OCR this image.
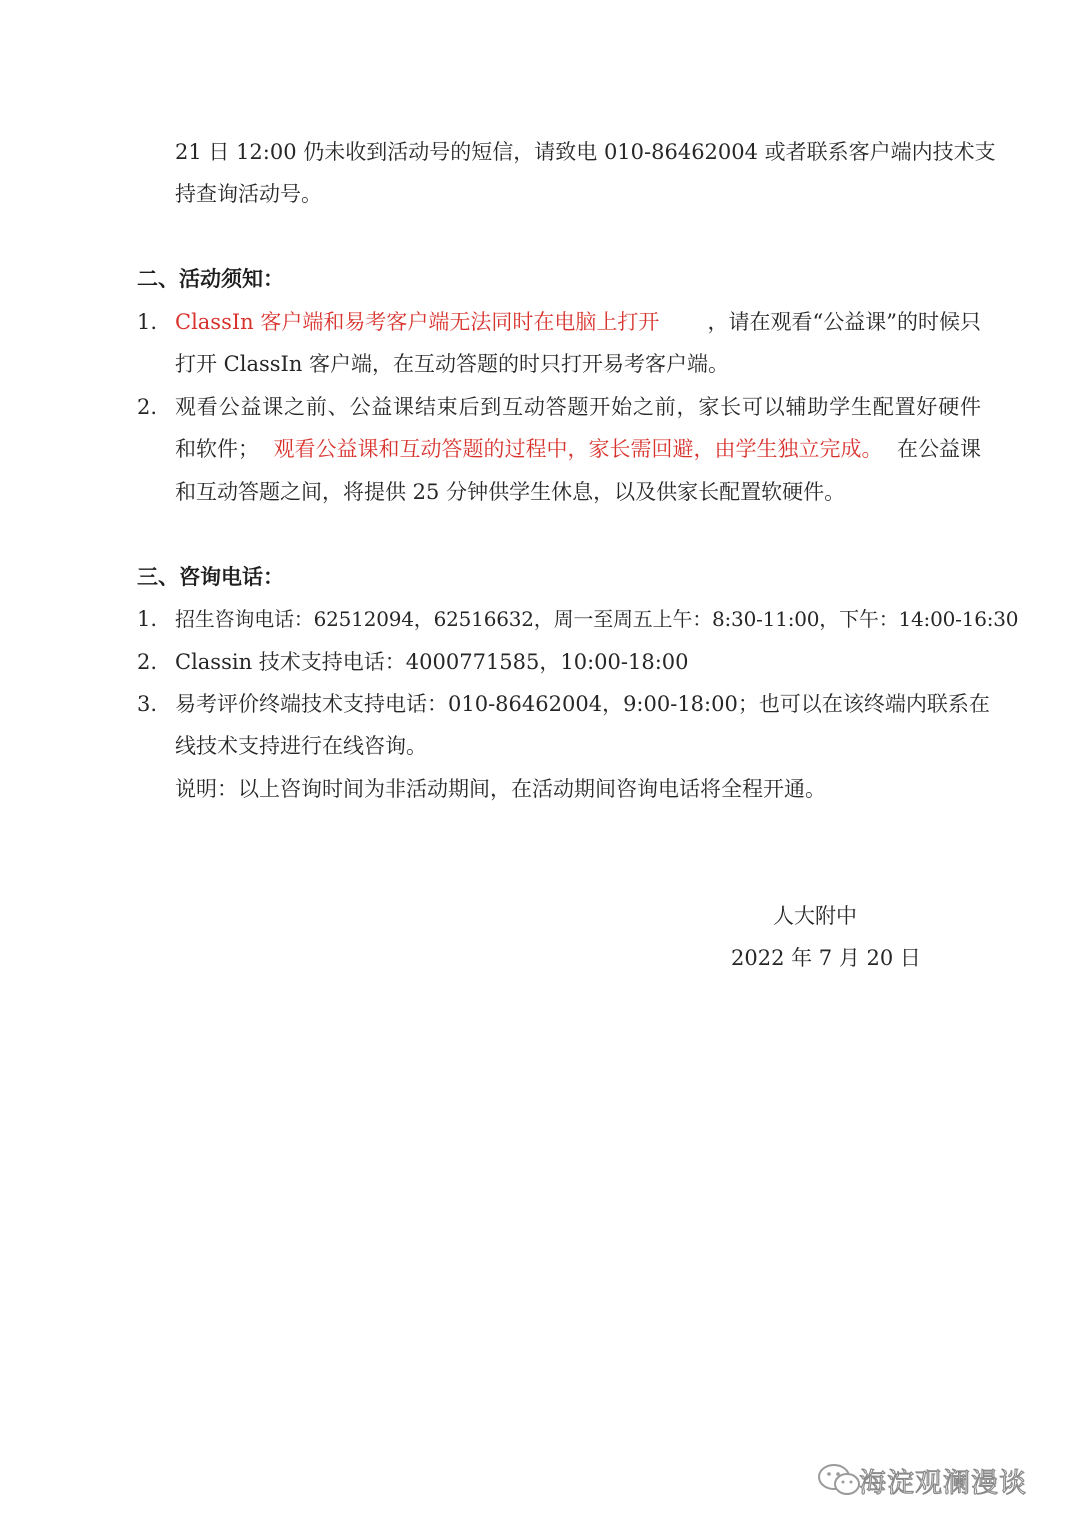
21 日 12:00 仍未收到活动号的短信，请致电 010-86462004 或者联系客户端内技术支
持查询活动号。
二、活动须知：
1. ClassIn 客户端和易考客户端无法同时在电脑上打开 ，请在观看“公益课”的时候只
打开 ClassIn 客户端，在互动答题的时只打开易考客户端。
2. 观看公益课之前、公益课结束后到互动答题开始之前，家长可以辅助学生配置好硬件
和软件； 观看公益课和互动答题的过程中，家长需回避，由学生独立完成。 在公益课
和互动答题之间，将提供 25 分钟供学生休息，以及供家长配置软硬件。
三、咨询电话：
1. 招生咨询电话：62512094，62516632，周一至周五上午：8:30-11:00，下午：14:00-16:30
2. Classin 技术支持电话：4000771585，10:00-18:00
3. 易考评价终端技术支持电话：010-86462004，9:00-18:00；也可以在该终端内联系在
线技术支持进行在线咨询。
说明：以上咨询时间为非活动期间，在活动期间咨询电话将全程开通。
人大附中
2022 年 7 月 20 日
海淀观澜漫谈
